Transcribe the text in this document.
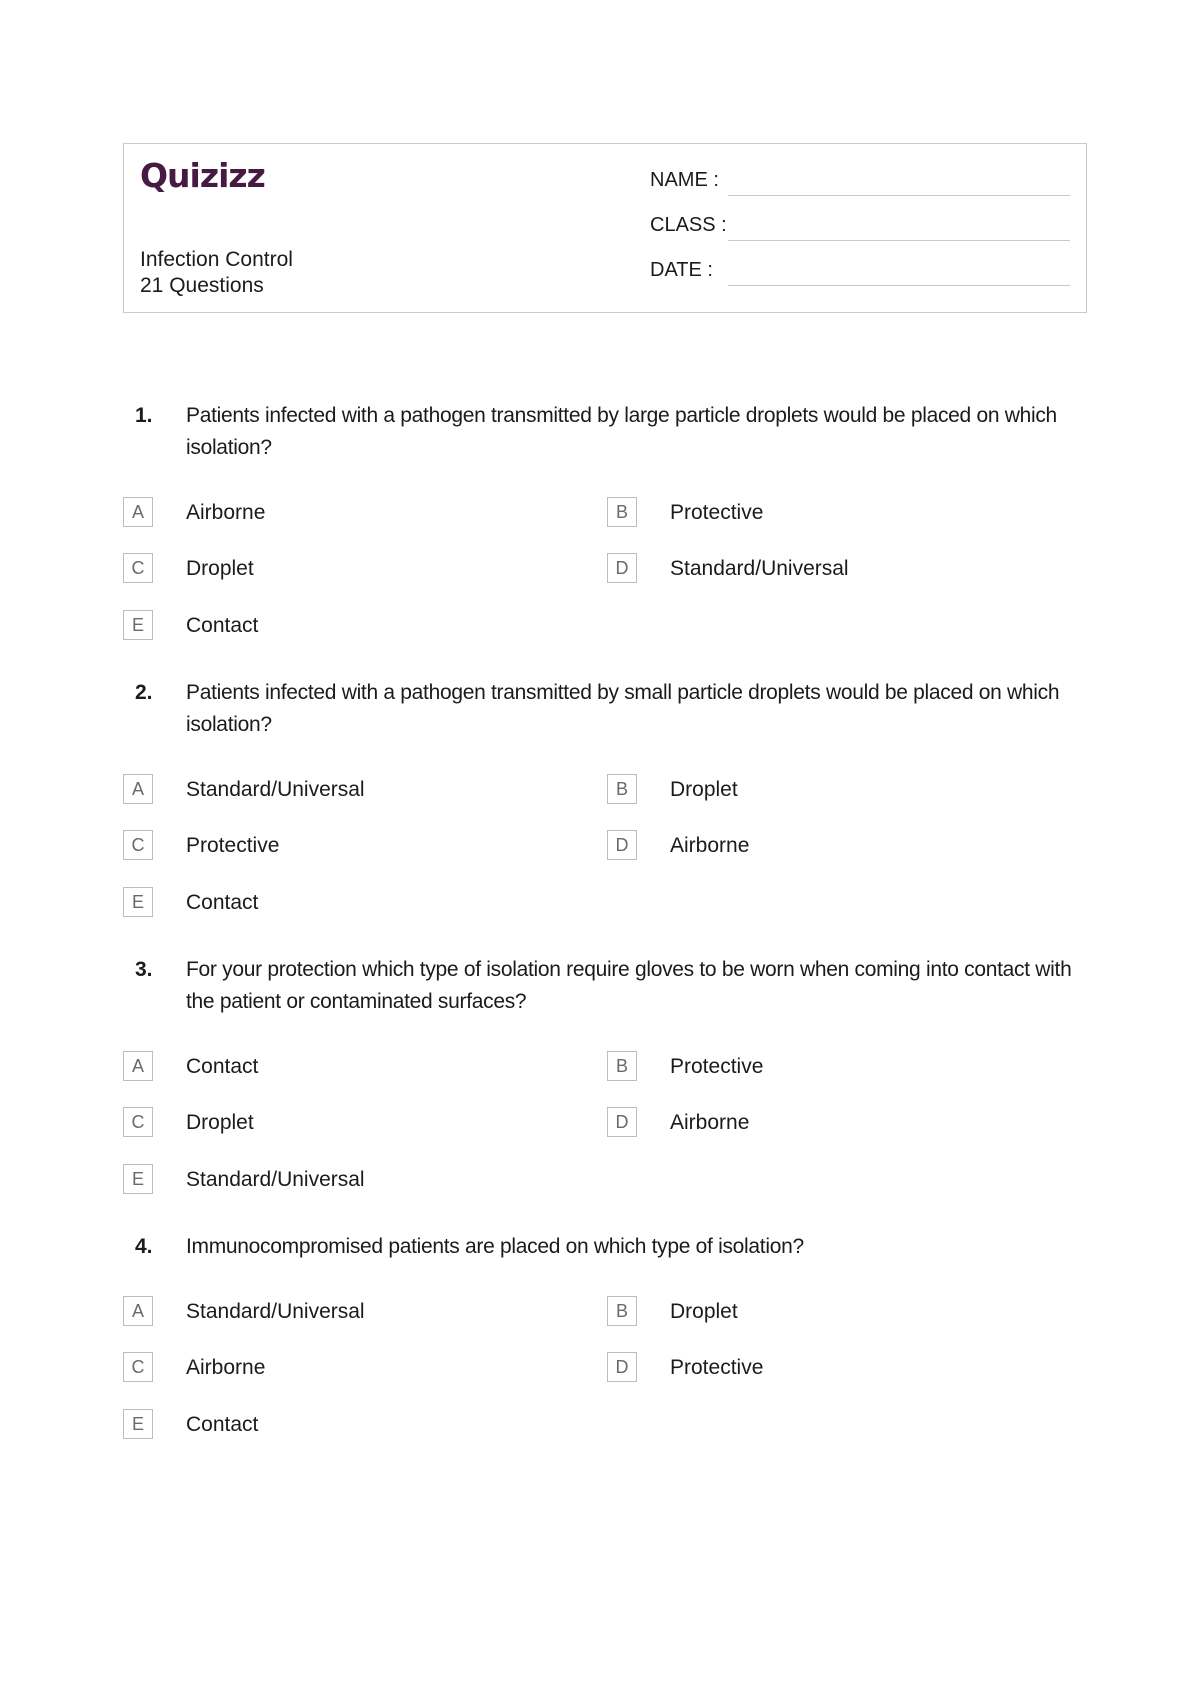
Quizizz
Infection Control
21 Questions
NAME :
CLASS :
DATE :
1. Patients infected with a pathogen transmitted by large particle droplets would be placed on which isolation?
A	Airborne	B	Protective
C	Droplet	D	Standard/Universal
E	Contact
2. Patients infected with a pathogen transmitted by small particle droplets would be placed on which isolation?
A	Standard/Universal	B	Droplet
C	Protective	D	Airborne
E	Contact
3. For your protection which type of isolation require gloves to be worn when coming into contact with the patient or contaminated surfaces?
A	Contact	B	Protective
C	Droplet	D	Airborne
E	Standard/Universal
4. Immunocompromised patients are placed on which type of isolation?
A	Standard/Universal	B	Droplet
C	Airborne	D	Protective
E	Contact
